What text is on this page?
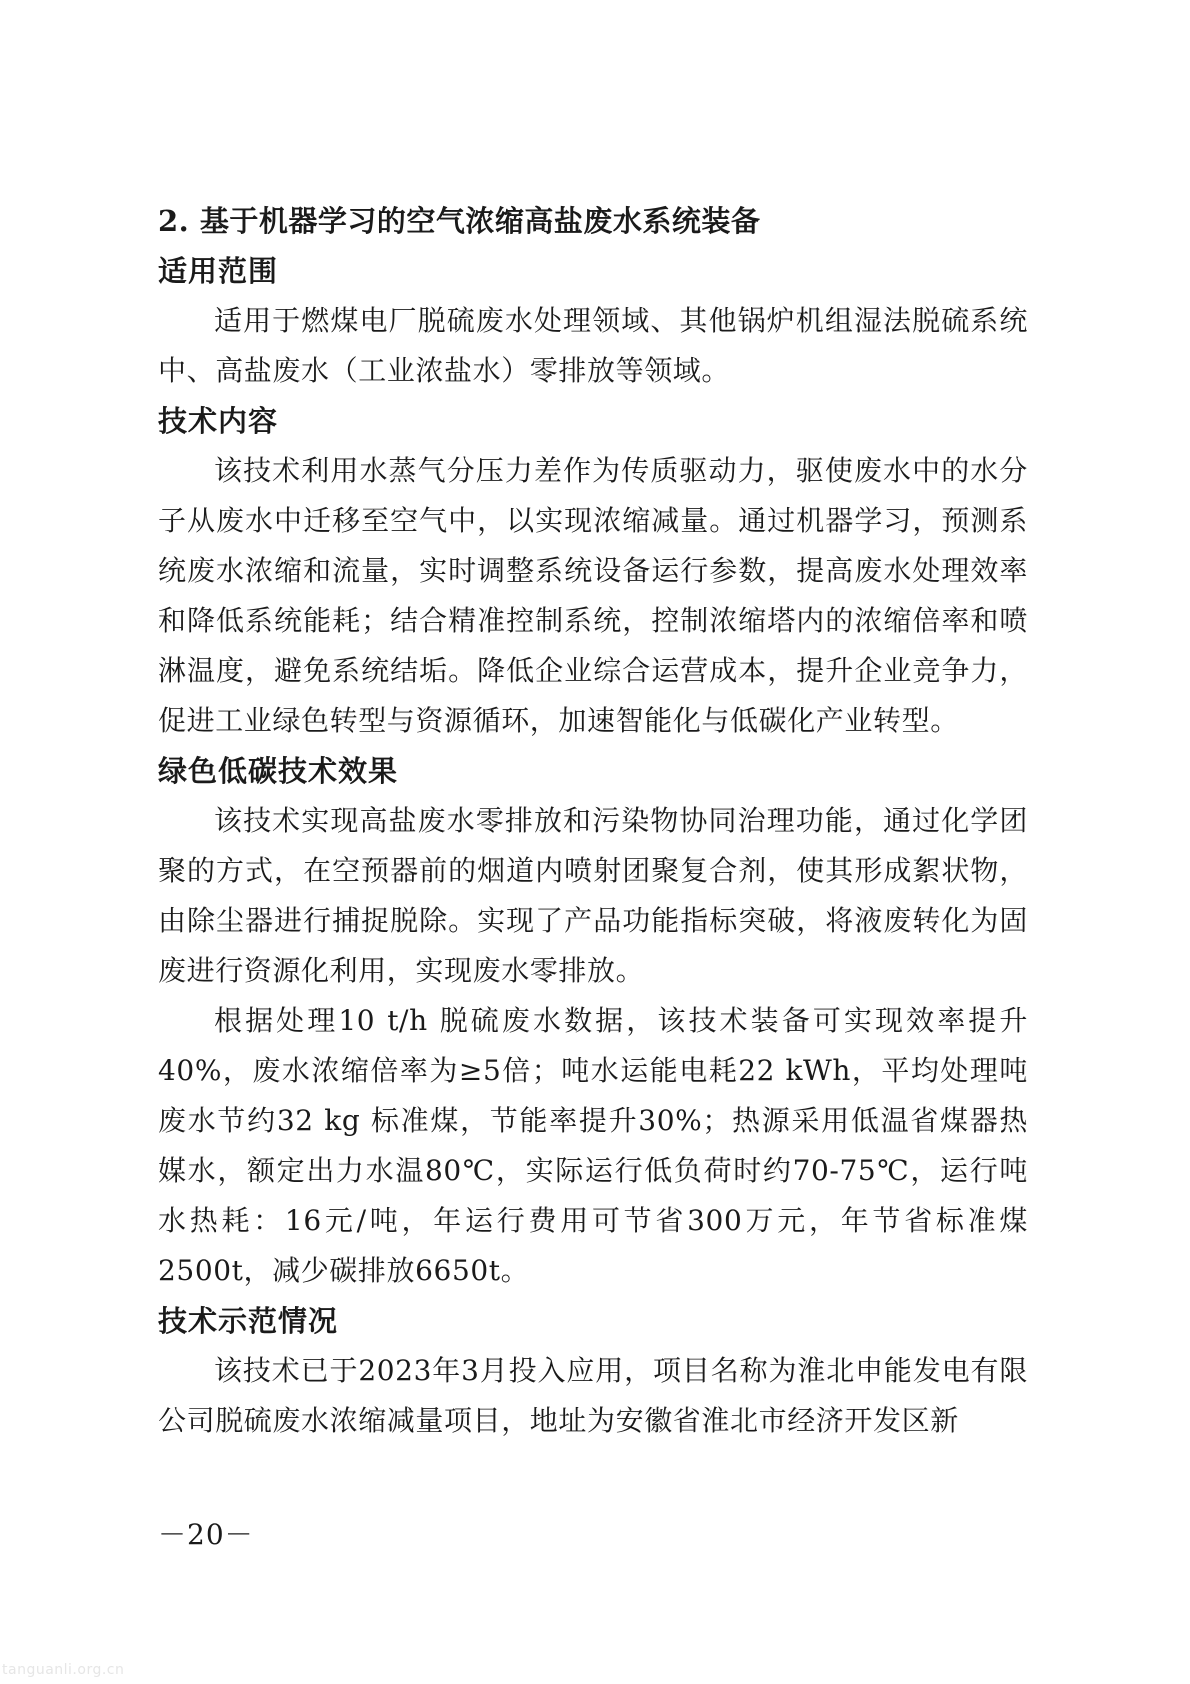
2. 基于机器学习的空气浓缩高盐废水系统装备
适用范围

适用于燃煤电厂脱硫废水处理领域、其他锅炉机组湿法脱硫系统中、高盐废水（工业浓盐水）零排放等领域。

技术内容

该技术利用水蒸气分压力差作为传质驱动力，驱使废水中的水分子从废水中迁移至空气中，以实现浓缩减量。通过机器学习，预测系统废水浓缩和流量，实时调整系统设备运行参数，提高废水处理效率和降低系统能耗；结合精准控制系统，控制浓缩塔内的浓缩倍率和喷淋温度，避免系统结垢。降低企业综合运营成本，提升企业竞争力，促进工业绿色转型与资源循环，加速智能化与低碳化产业转型。

绿色低碳技术效果

该技术实现高盐废水零排放和污染物协同治理功能，通过化学团聚的方式，在空预器前的烟道内喷射团聚复合剂，使其形成絮状物，由除尘器进行捕捉脱除。实现了产品功能指标突破，将液废转化为固废进行资源化利用，实现废水零排放。

根据处理10 t/h 脱硫废水数据，该技术装备可实现效率提升40%，废水浓缩倍率为≥5倍；吨水运能电耗22 kWh，平均处理吨废水节约32 kg 标准煤，节能率提升30%；热源采用低温省煤器热媒水，额定出力水温80℃，实际运行低负荷时约70-75℃，运行吨水热耗：16元/吨，年运行费用可节省300万元，年节省标准煤2500t，减少碳排放6650t。

技术示范情况

该技术已于2023年3月投入应用，项目名称为淮北申能发电有限公司脱硫废水浓缩减量项目，地址为安徽省淮北市经济开发区新

－20－
tanguanli.org.cn
